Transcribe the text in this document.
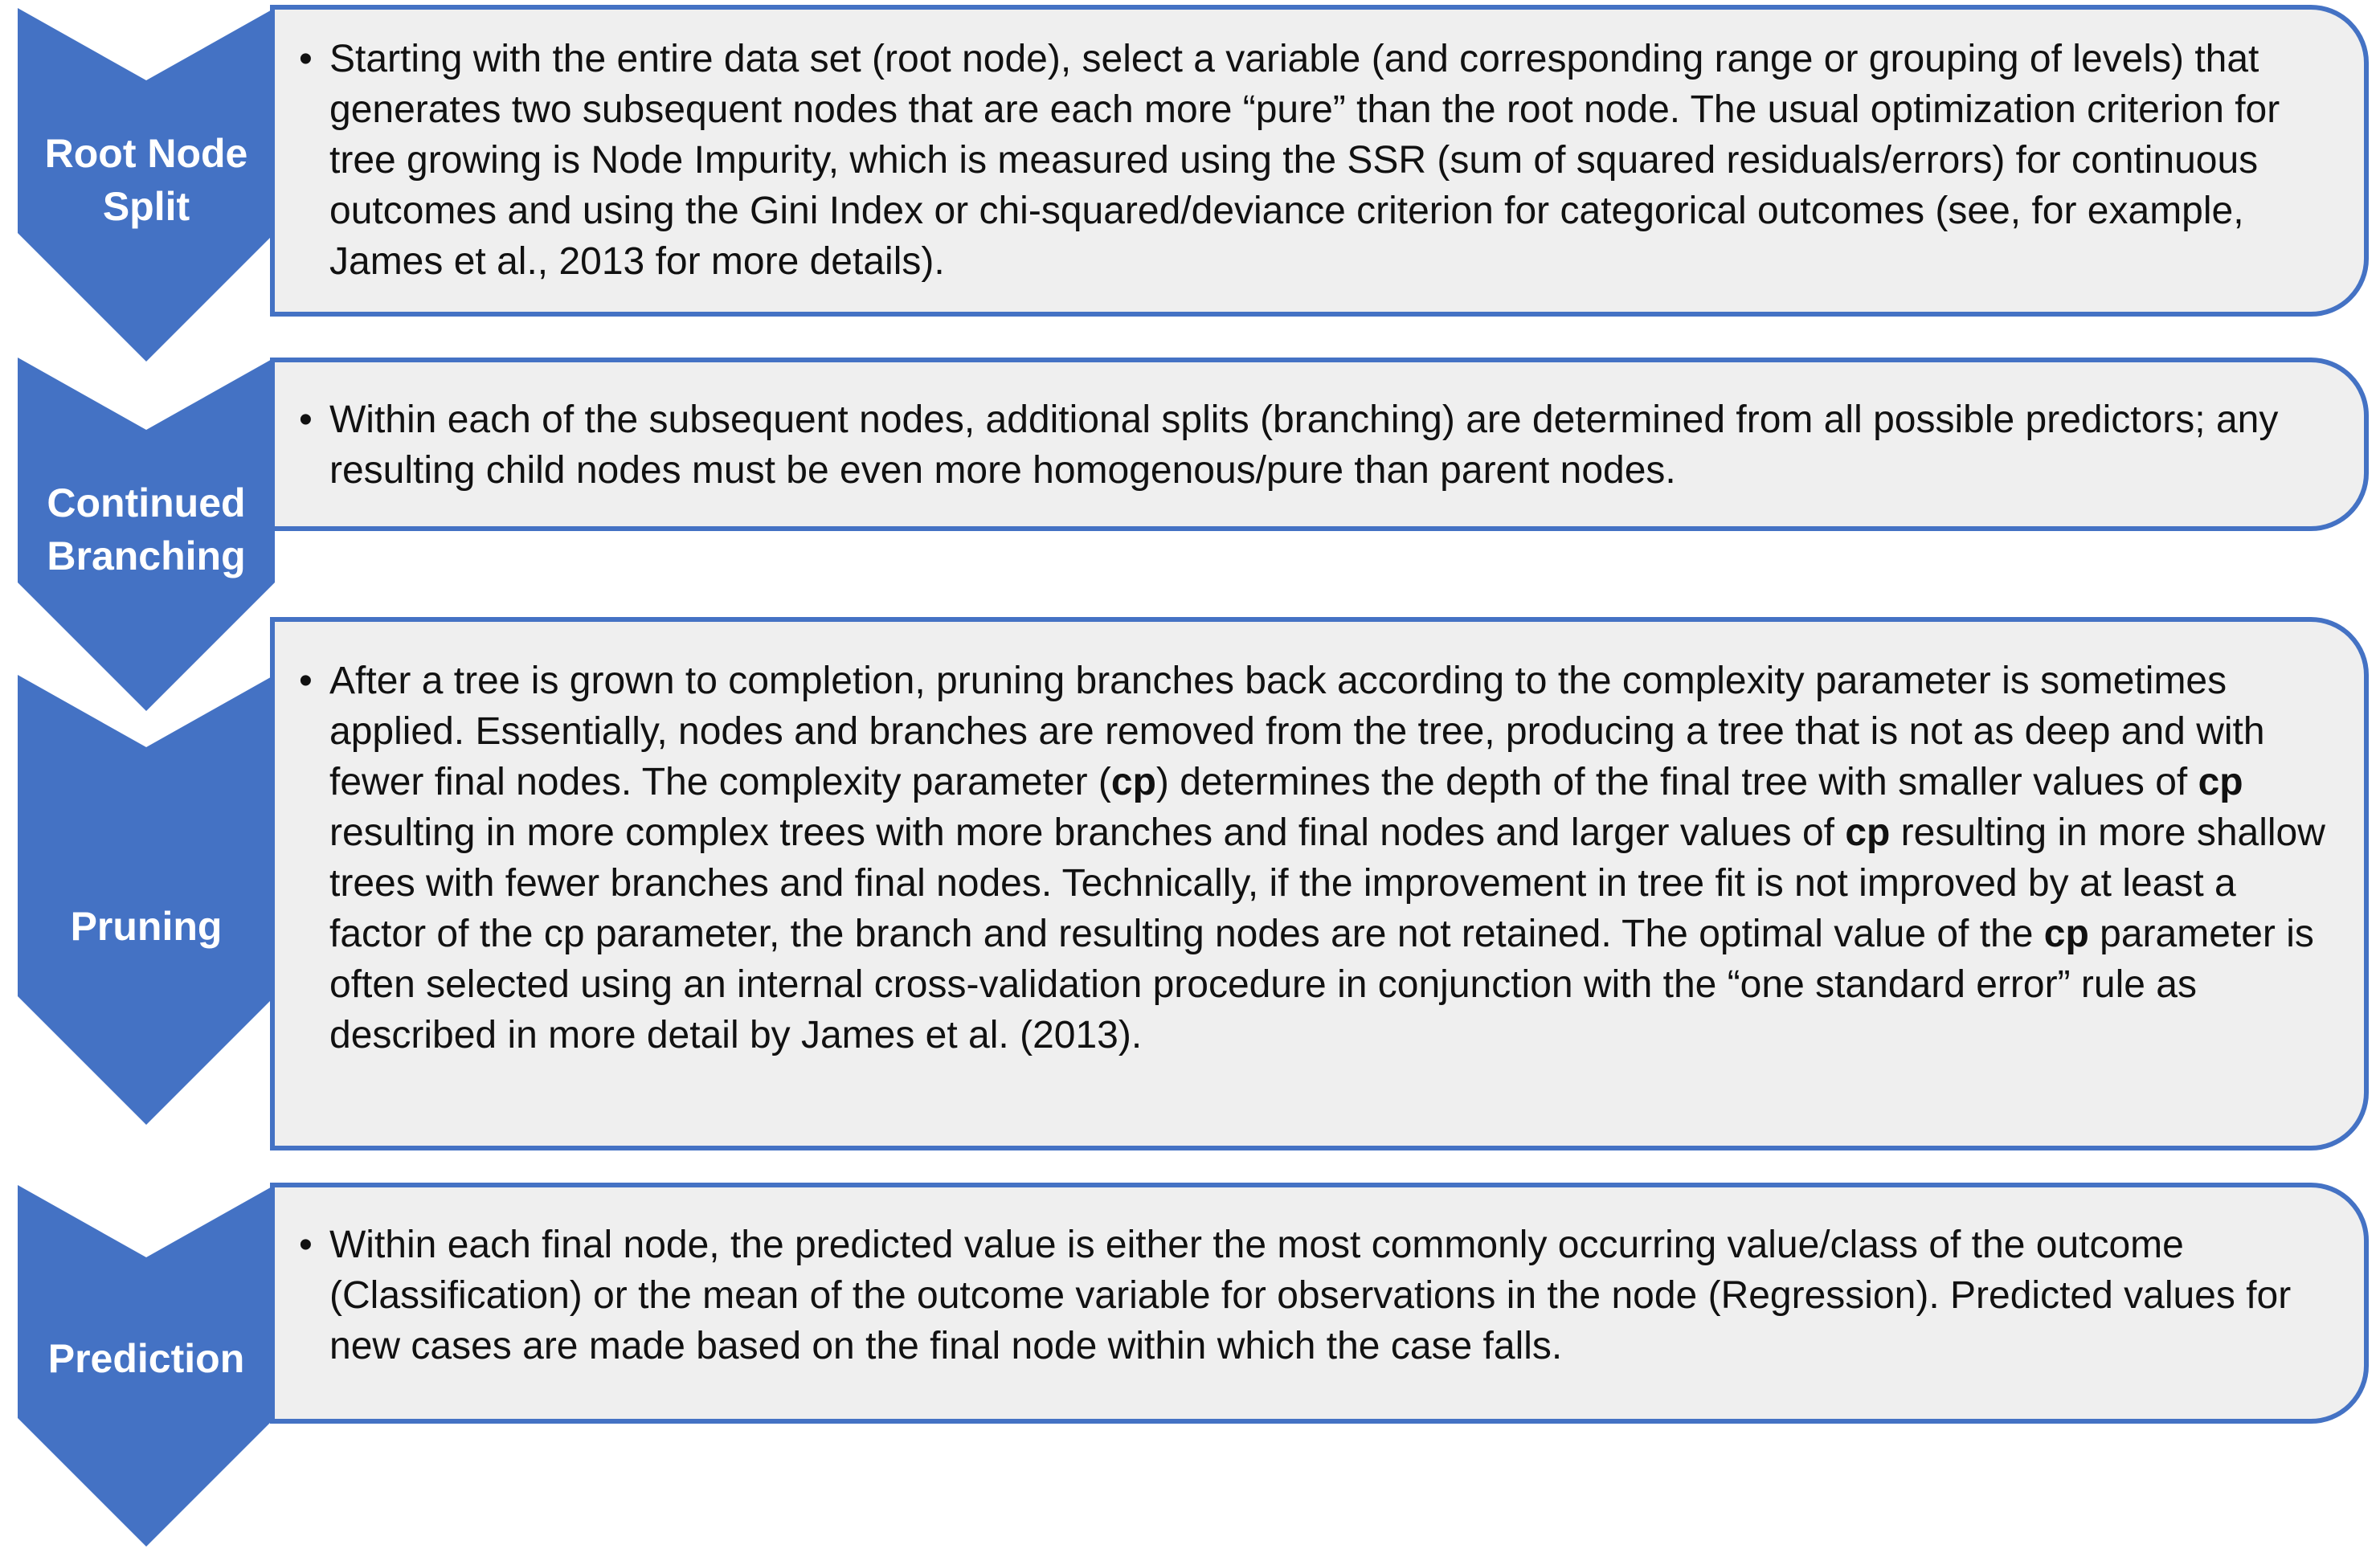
Root Node
Split
• Starting with the entire data set (root node), select a variable (and corresponding range or grouping of levels) that generates two subsequent nodes that are each more “pure” than the root node. The usual optimization criterion for tree growing is Node Impurity, which is measured using the SSR (sum of squared residuals/errors) for continuous outcomes and using the Gini Index or chi-squared/deviance criterion for categorical outcomes (see, for example, James et al., 2013 for more details).
Continued
Branching
• Within each of the subsequent nodes, additional splits (branching) are determined from all possible predictors; any resulting child nodes must be even more homogenous/pure than parent nodes.
Pruning
• After a tree is grown to completion, pruning branches back according to the complexity parameter is sometimes applied. Essentially, nodes and branches are removed from the tree, producing a tree that is not as deep and with fewer final nodes. The complexity parameter (cp) determines the depth of the final tree with smaller values of cp resulting in more complex trees with more branches and final nodes and larger values of cp resulting in more shallow trees with fewer branches and final nodes. Technically, if the improvement in tree fit is not improved by at least a factor of the cp parameter, the branch and resulting nodes are not retained. The optimal value of the cp parameter is often selected using an internal cross-validation procedure in conjunction with the “one standard error” rule as described in more detail by James et al. (2013).
Prediction
• Within each final node, the predicted value is either the most commonly occurring value/class of the outcome (Classification) or the mean of the outcome variable for observations in the node (Regression). Predicted values for new cases are made based on the final node within which the case falls.
